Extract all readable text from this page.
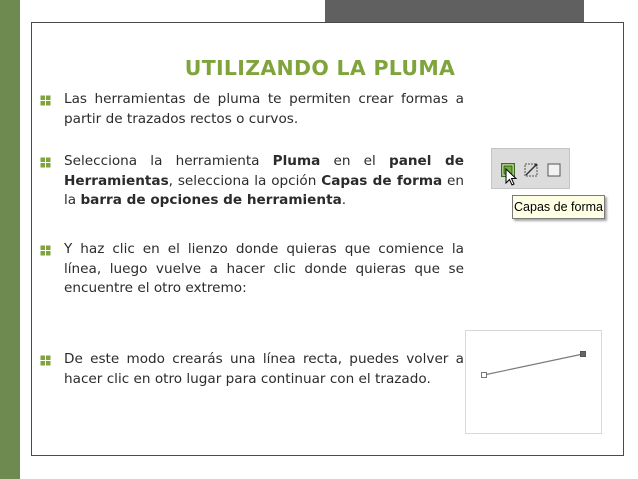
UTILIZANDO LA PLUMA
Las herramientas de pluma te permiten crear formas a partir de trazados rectos o curvos.
Selecciona la herramienta Pluma en el panel de Herramientas, selecciona la opción Capas de forma en la barra de opciones de herramienta.
Y haz clic en el lienzo donde quieras que comience la línea, luego vuelve a hacer clic donde quieras que se encuentre el otro extremo:
De este modo crearás una línea recta, puedes volver a hacer clic en otro lugar para continuar con el trazado.
Capas de forma
